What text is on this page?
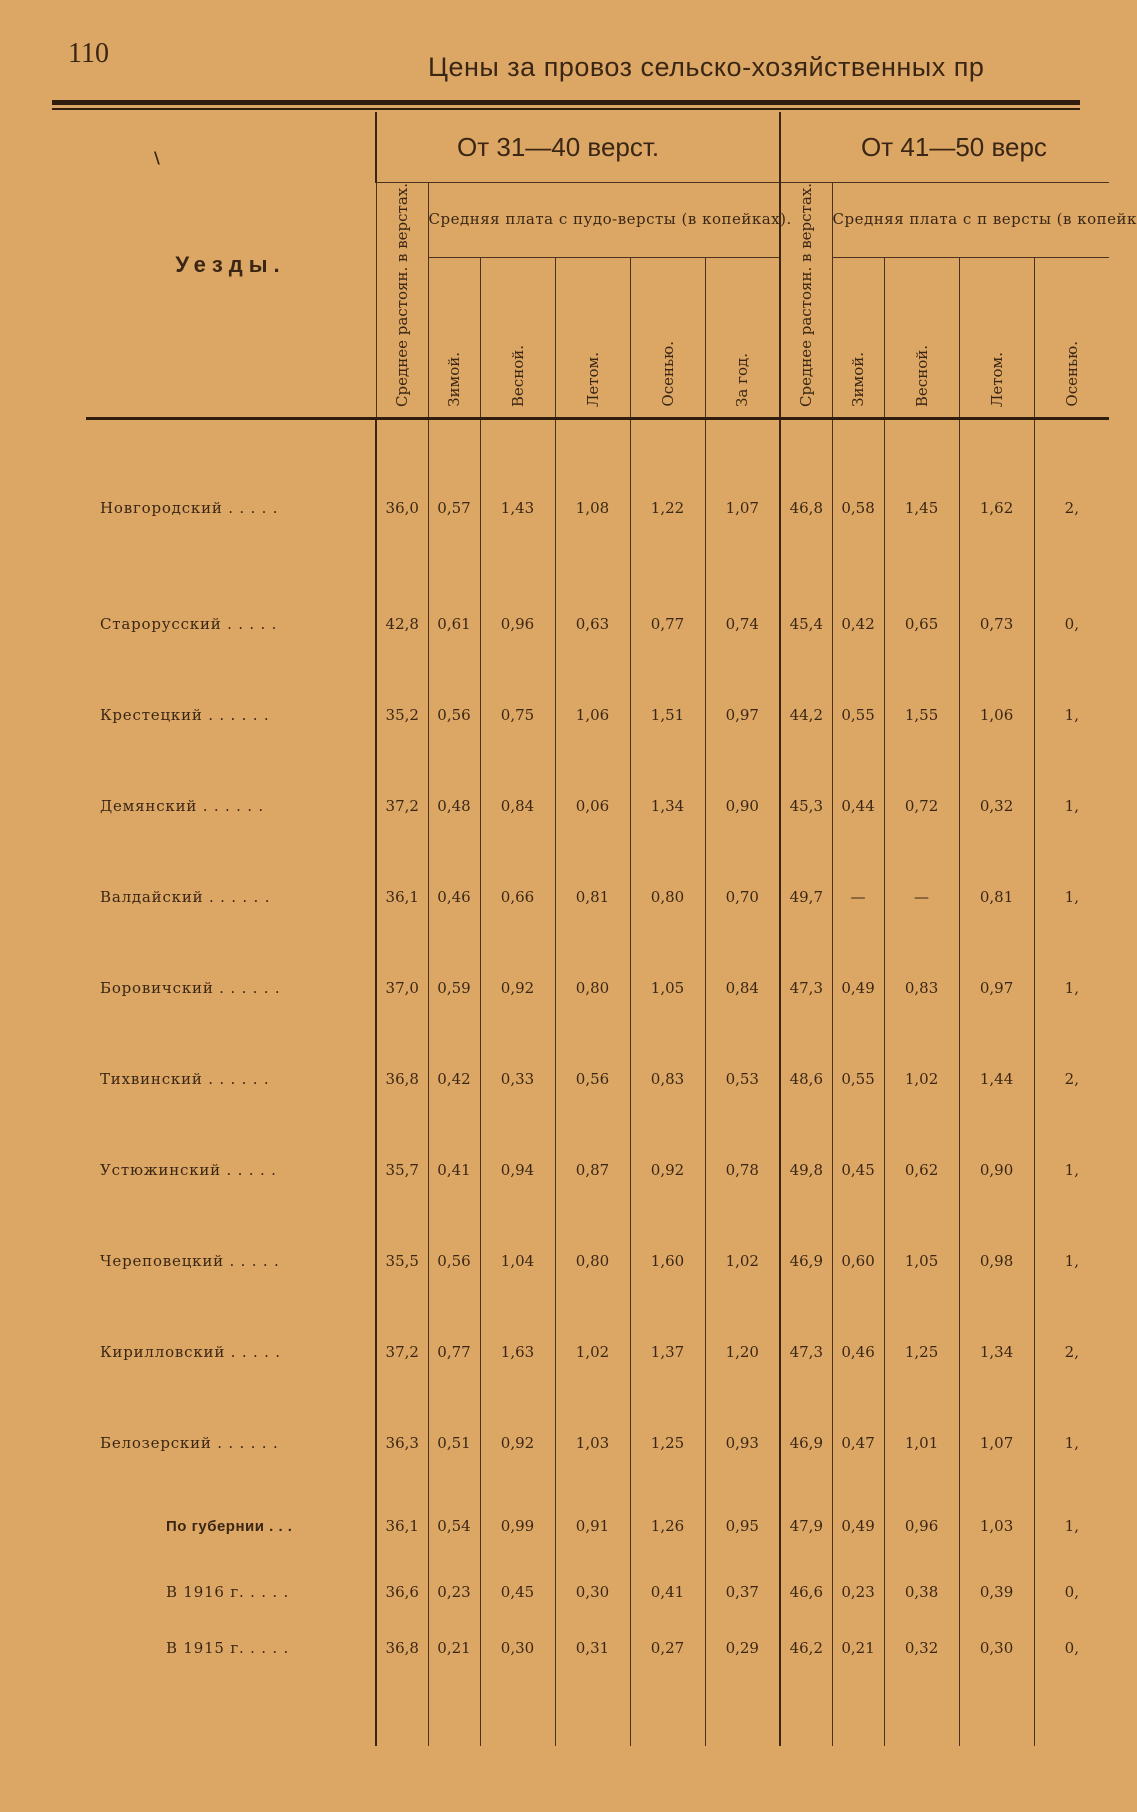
110	Цены за провоз сельско-хозяйственных пр
\
Уезды.	От 31—40 верст.						От 41—50 верс				

	Среднее растоян. в верстах.	Средняя плата с пудо-версты (в копейках).					Среднее растоян. в верстах.	Средняя плата с п версты (в копейк			

		Зимой.	Весной.	Летом.	Осенью.	За год.		Зимой.	Весной.	Летом.	Осенью.

Новгородский . . . . .	36,0	0,57	1,43	1,08	1,22	1,07	46,8	0,58	1,45	1,62	2,
Старорусский . . . . .	42,8	0,61	0,96	0,63	0,77	0,74	45,4	0,42	0,65	0,73	0,
Крестецкий . . . . . .	35,2	0,56	0,75	1,06	1,51	0,97	44,2	0,55	1,55	1,06	1,
Демянский . . . . . .	37,2	0,48	0,84	0,06	1,34	0,90	45,3	0,44	0,72	0,32	1,
Валдайский . . . . . .	36,1	0,46	0,66	0,81	0,80	0,70	49,7	—	—	0,81	1,
Боровичский . . . . . .	37,0	0,59	0,92	0,80	1,05	0,84	47,3	0,49	0,83	0,97	1,
Тихвинский . . . . . .	36,8	0,42	0,33	0,56	0,83	0,53	48,6	0,55	1,02	1,44	2,
Устюжинский . . . . .	35,7	0,41	0,94	0,87	0,92	0,78	49,8	0,45	0,62	0,90	1,
Череповецкий . . . . .	35,5	0,56	1,04	0,80	1,60	1,02	46,9	0,60	1,05	0,98	1,
Кирилловский . . . . .	37,2	0,77	1,63	1,02	1,37	1,20	47,3	0,46	1,25	1,34	2,
Белозерский . . . . . .	36,3	0,51	0,92	1,03	1,25	0,93	46,9	0,47	1,01	1,07	1,
По губернии . . .	36,1	0,54	0,99	0,91	1,26	0,95	47,9	0,49	0,96	1,03	1,
В 1916 г. . . . .	36,6	0,23	0,45	0,30	0,41	0,37	46,6	0,23	0,38	0,39	0,
В 1915 г. . . . .	36,8	0,21	0,30	0,31	0,27	0,29	46,2	0,21	0,32	0,30	0,
